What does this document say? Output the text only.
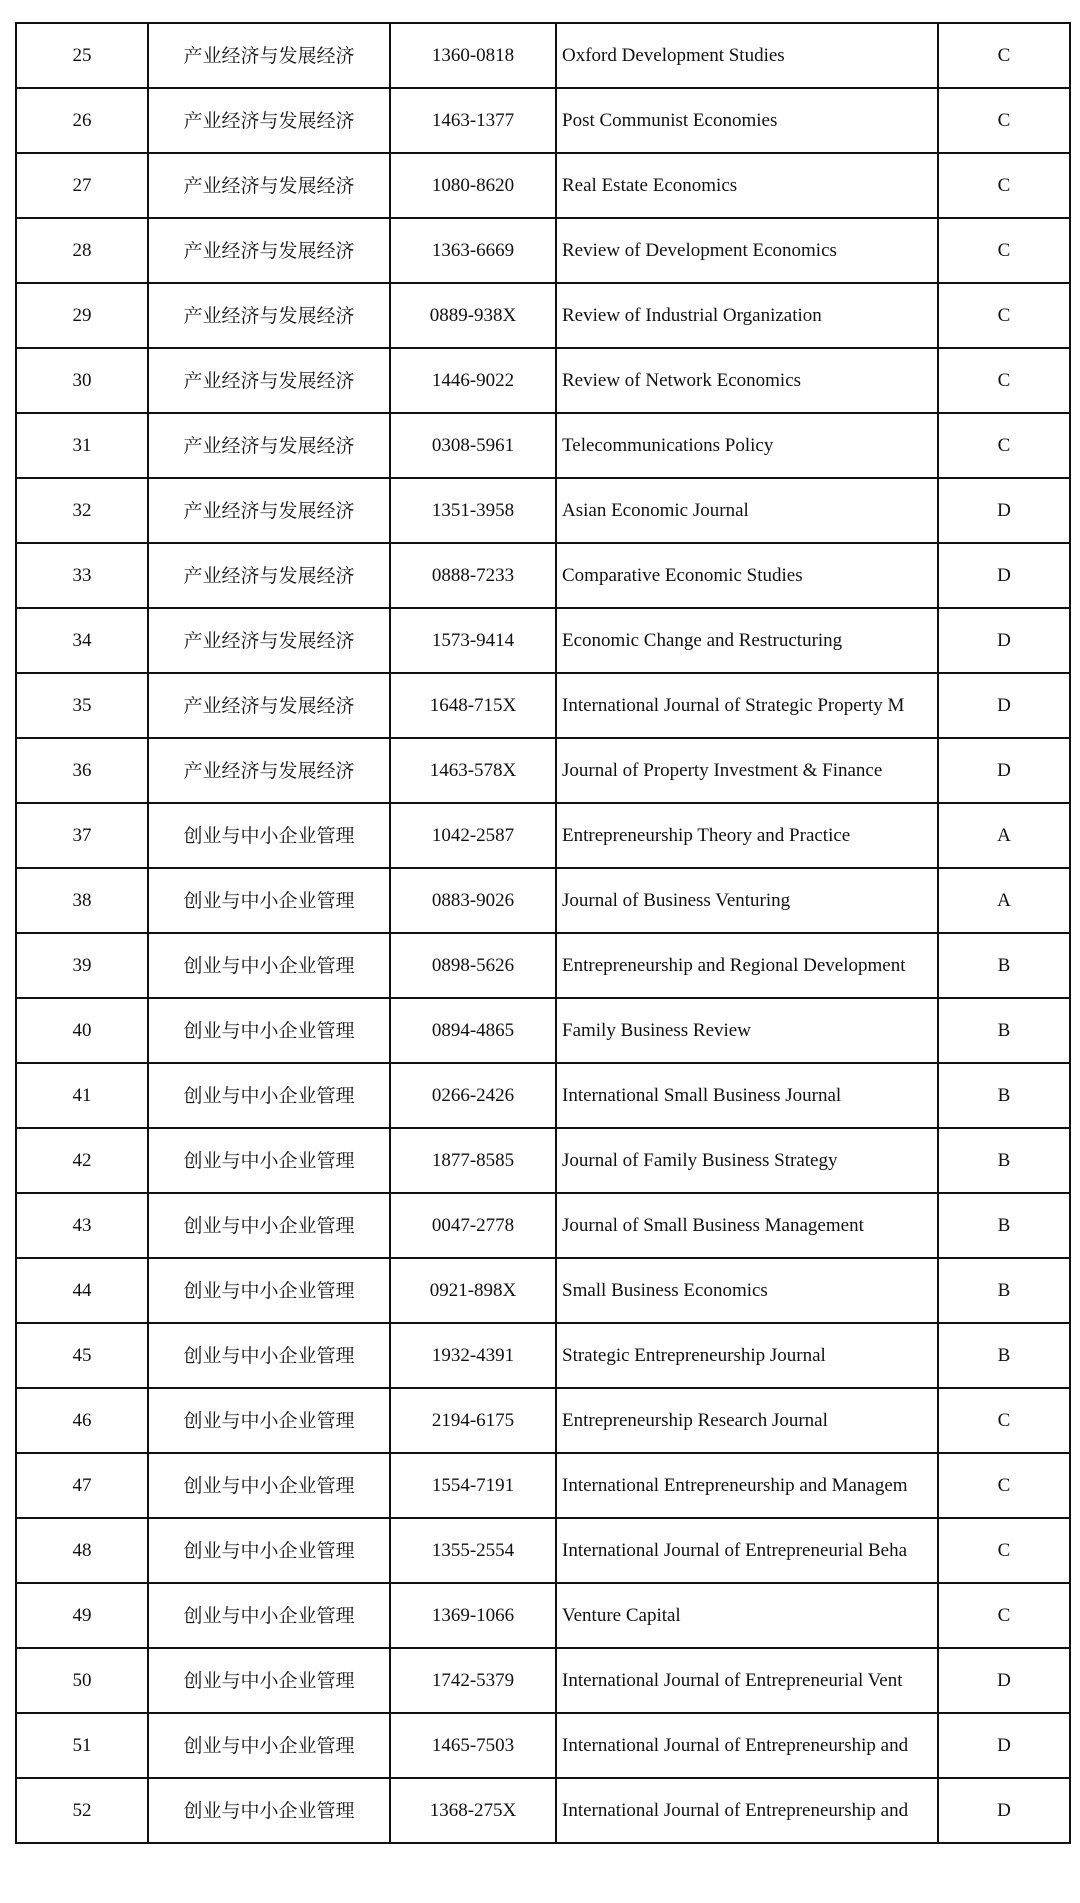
25	产业经济与发展经济	1360-0818	Oxford Development Studies	C
26	产业经济与发展经济	1463-1377	Post Communist Economies	C
27	产业经济与发展经济	1080-8620	Real Estate Economics	C
28	产业经济与发展经济	1363-6669	Review of Development Economics	C
29	产业经济与发展经济	0889-938X	Review of Industrial Organization	C
30	产业经济与发展经济	1446-9022	Review of Network Economics	C
31	产业经济与发展经济	0308-5961	Telecommunications Policy	C
32	产业经济与发展经济	1351-3958	Asian Economic Journal	D
33	产业经济与发展经济	0888-7233	Comparative Economic Studies	D
34	产业经济与发展经济	1573-9414	Economic Change and Restructuring	D
35	产业经济与发展经济	1648-715X	International Journal of Strategic Property M	D
36	产业经济与发展经济	1463-578X	Journal of Property Investment & Finance	D
37	创业与中小企业管理	1042-2587	Entrepreneurship Theory and Practice	A
38	创业与中小企业管理	0883-9026	Journal of Business Venturing	A
39	创业与中小企业管理	0898-5626	Entrepreneurship and Regional Development	B
40	创业与中小企业管理	0894-4865	Family Business Review	B
41	创业与中小企业管理	0266-2426	International Small Business Journal	B
42	创业与中小企业管理	1877-8585	Journal of Family Business Strategy	B
43	创业与中小企业管理	0047-2778	Journal of Small Business Management	B
44	创业与中小企业管理	0921-898X	Small Business Economics	B
45	创业与中小企业管理	1932-4391	Strategic Entrepreneurship Journal	B
46	创业与中小企业管理	2194-6175	Entrepreneurship Research Journal	C
47	创业与中小企业管理	1554-7191	International Entrepreneurship and Managem	C
48	创业与中小企业管理	1355-2554	International Journal of Entrepreneurial Beha	C
49	创业与中小企业管理	1369-1066	Venture Capital	C
50	创业与中小企业管理	1742-5379	International Journal of Entrepreneurial Vent	D
51	创业与中小企业管理	1465-7503	International Journal of Entrepreneurship and	D
52	创业与中小企业管理	1368-275X	International Journal of Entrepreneurship and	D
